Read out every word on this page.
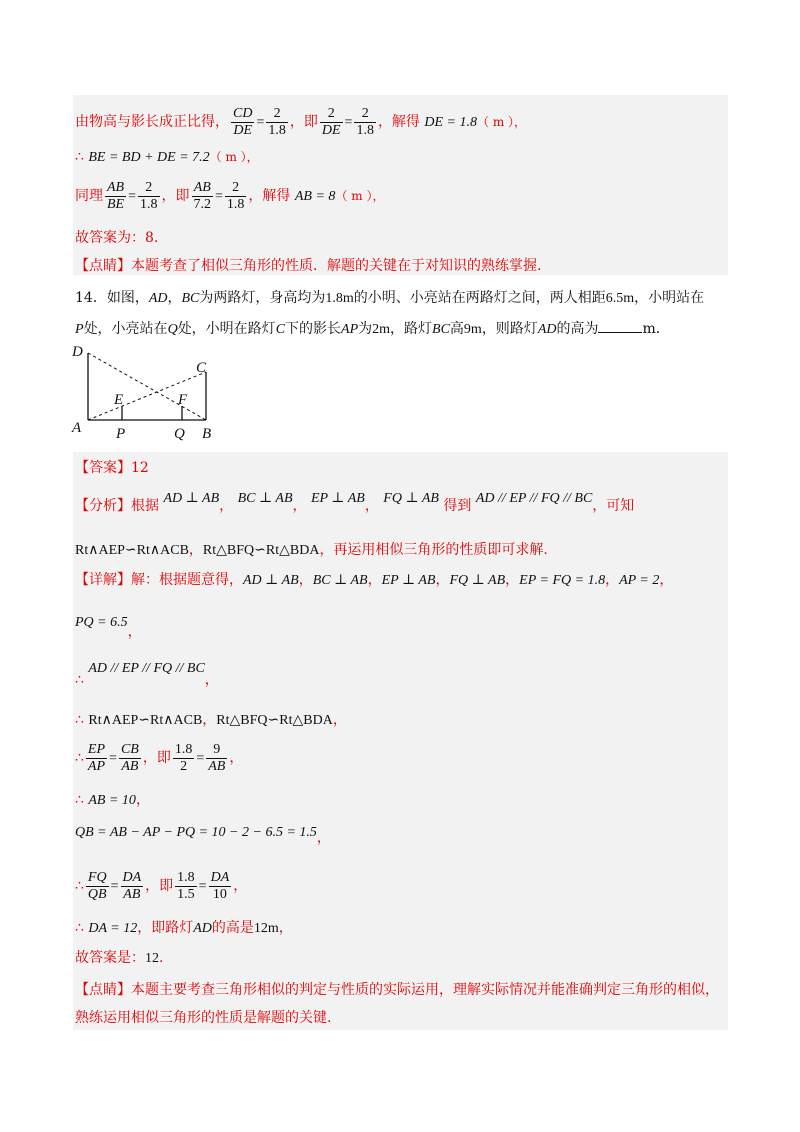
由物高与影长成正比得， $\frac{CD}{DE} = \frac{2}{1.8}$ ，即 $\frac{2}{DE} = \frac{2}{1.8}$ ，解得 DE = 1.8（ m ），
∴ BE = BD + DE = 7.2（ m ），
同理 $\frac{AB}{BE} = \frac{2}{1.8}$ ，即 $\frac{AB}{7.2} = \frac{2}{1.8}$ ，解得 AB = 8（ m ），
故答案为：8.
【点睛】本题考查了相似三角形的性质．解题的关键在于对知识的熟练掌握.
14．如图，AD，BC为两路灯，身高均为1.8m的小明、小亮站在两路灯之间，两人相距6.5m，小明站在
P处，小亮站在Q处，小明在路灯C下的影长AP为2m，路灯BC高9m，则路灯AD的高为	m．
D
C
E	F
A P	Q B
【答案】12
【分析】根据 AD ⊥ AB， BC ⊥ AB， EP ⊥ AB， FQ ⊥ AB 得到 AD // EP // FQ // BC，可知
Rt∧AEP∽Rt∧ACB，Rt△BFQ∽Rt△BDA，再运用相似三角形的性质即可求解.
【详解】解：根据题意得，AD ⊥ AB，BC ⊥ AB，EP ⊥ AB，FQ ⊥ AB，EP = FQ = 1.8，AP = 2，
PQ = 6.5，
∴ AD // EP // FQ // BC，
∴ Rt∧AEP∽Rt∧ACB，Rt△BFQ∽Rt△BDA，
∴ $\frac{EP}{AP} = \frac{CB}{AB}$ ，即 $\frac{1.8}{2} = \frac{9}{AB}$ ，
∴ AB = 10，
QB = AB − AP − PQ = 10 − 2 − 6.5 = 1.5，
∴ $\frac{FQ}{QB} = \frac{DA}{AB}$ ，即 $\frac{1.8}{1.5} = \frac{DA}{10}$ ，
∴ DA = 12，即路灯AD的高是12m，
故答案是：12.
【点睛】本题主要考查三角形相似的判定与性质的实际运用，理解实际情况并能准确判定三角形的相似，
熟练运用相似三角形的性质是解题的关键.
